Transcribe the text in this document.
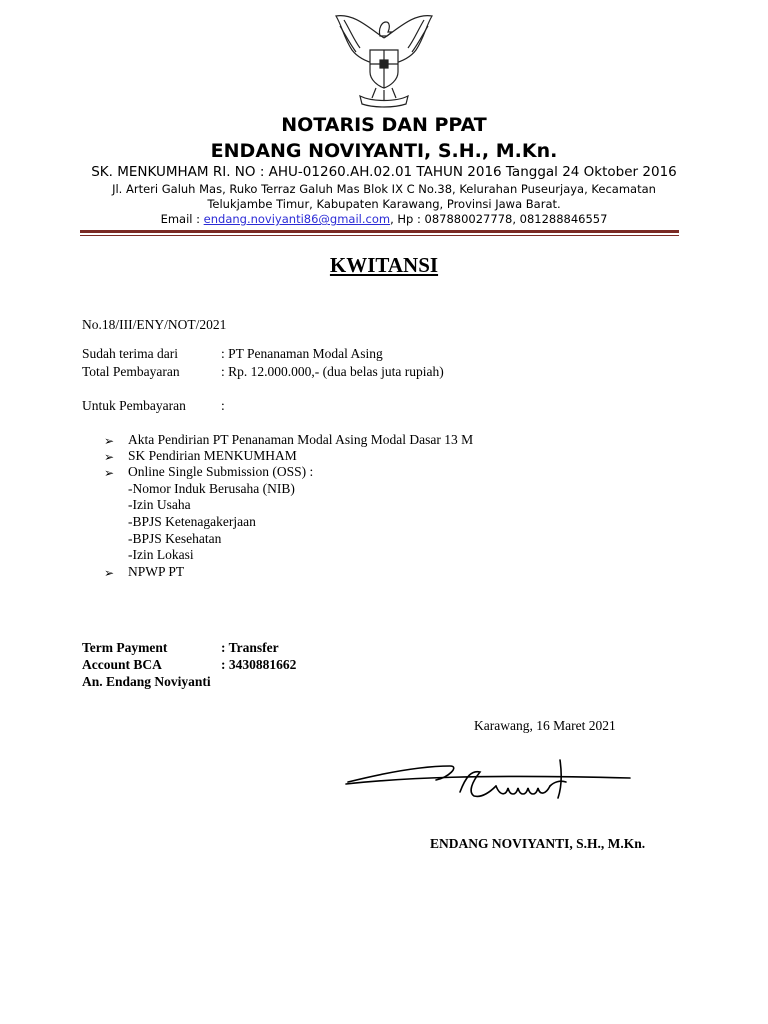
NOTARIS DAN PPAT
ENDANG NOVIYANTI, S.H., M.Kn.
SK. MENKUMHAM RI. NO : AHU-01260.AH.02.01 TAHUN 2016 Tanggal 24 Oktober 2016
Jl. Arteri Galuh Mas, Ruko Terraz Galuh Mas Blok IX C No.38, Kelurahan Puseurjaya, Kecamatan
Telukjambe Timur, Kabupaten Karawang, Provinsi Jawa Barat.
Email : endang.noviyanti86@gmail.com, Hp : 087880027778, 081288846557
KWITANSI
No.18/III/ENY/NOT/2021
Sudah terima dari	: PT Penanaman Modal Asing
Total Pembayaran	: Rp. 12.000.000,- (dua belas juta rupiah)
Untuk Pembayaran	:
➢ Akta Pendirian PT Penanaman Modal Asing Modal Dasar 13 M
➢ SK Pendirian MENKUMHAM
➢ Online Single Submission (OSS) :
-Nomor Induk Berusaha (NIB)
-Izin Usaha
-BPJS Ketenagakerjaan
-BPJS Kesehatan
-Izin Lokasi
➢ NPWP PT
Term Payment	: Transfer
Account BCA	: 3430881662
An. Endang Noviyanti
Karawang, 16 Maret 2021
ENDANG NOVIYANTI, S.H., M.Kn.
